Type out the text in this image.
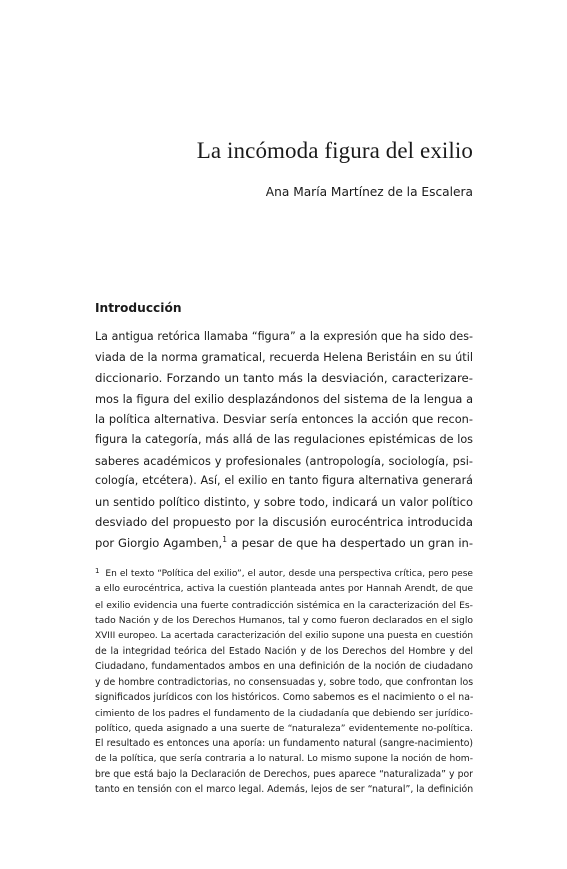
La incómoda figura del exilio
Ana María Martínez de la Escalera
Introducción
La antigua retórica llamaba “figura” a la expresión que ha sido des-
viada de la norma gramatical, recuerda Helena Beristáin en su útil
diccionario. Forzando un tanto más la desviación, caracterizare-
mos la figura del exilio desplazándonos del sistema de la lengua a
la política alternativa. Desviar sería entonces la acción que recon-
figura la categoría, más allá de las regulaciones epistémicas de los
saberes académicos y profesionales (antropología, sociología, psi-
cología, etcétera). Así, el exilio en tanto figura alternativa generará
un sentido político distinto, y sobre todo, indicará un valor político
desviado del propuesto por la discusión eurocéntrica introducida
por Giorgio Agamben,$^1$ a pesar de que ha despertado un gran in-
$^1$ En el texto “Política del exilio”, el autor, desde una perspectiva crítica, pero pese
a ello eurocéntrica, activa la cuestión planteada antes por Hannah Arendt, de que
el exilio evidencia una fuerte contradicción sistémica en la caracterización del Es-
tado Nación y de los Derechos Humanos, tal y como fueron declarados en el siglo
XVIII europeo. La acertada caracterización del exilio supone una puesta en cuestión
de la integridad teórica del Estado Nación y de los Derechos del Hombre y del
Ciudadano, fundamentados ambos en una definición de la noción de ciudadano
y de hombre contradictorias, no consensuadas y, sobre todo, que confrontan los
significados jurídicos con los históricos. Como sabemos es el nacimiento o el na-
cimiento de los padres el fundamento de la ciudadanía que debiendo ser jurídico-
político, queda asignado a una suerte de “naturaleza” evidentemente no-política.
El resultado es entonces una aporía: un fundamento natural (sangre-nacimiento)
de la política, que sería contraria a lo natural. Lo mismo supone la noción de hom-
bre que está bajo la Declaración de Derechos, pues aparece “naturalizada” y por
tanto en tensión con el marco legal. Además, lejos de ser “natural”, la definición
